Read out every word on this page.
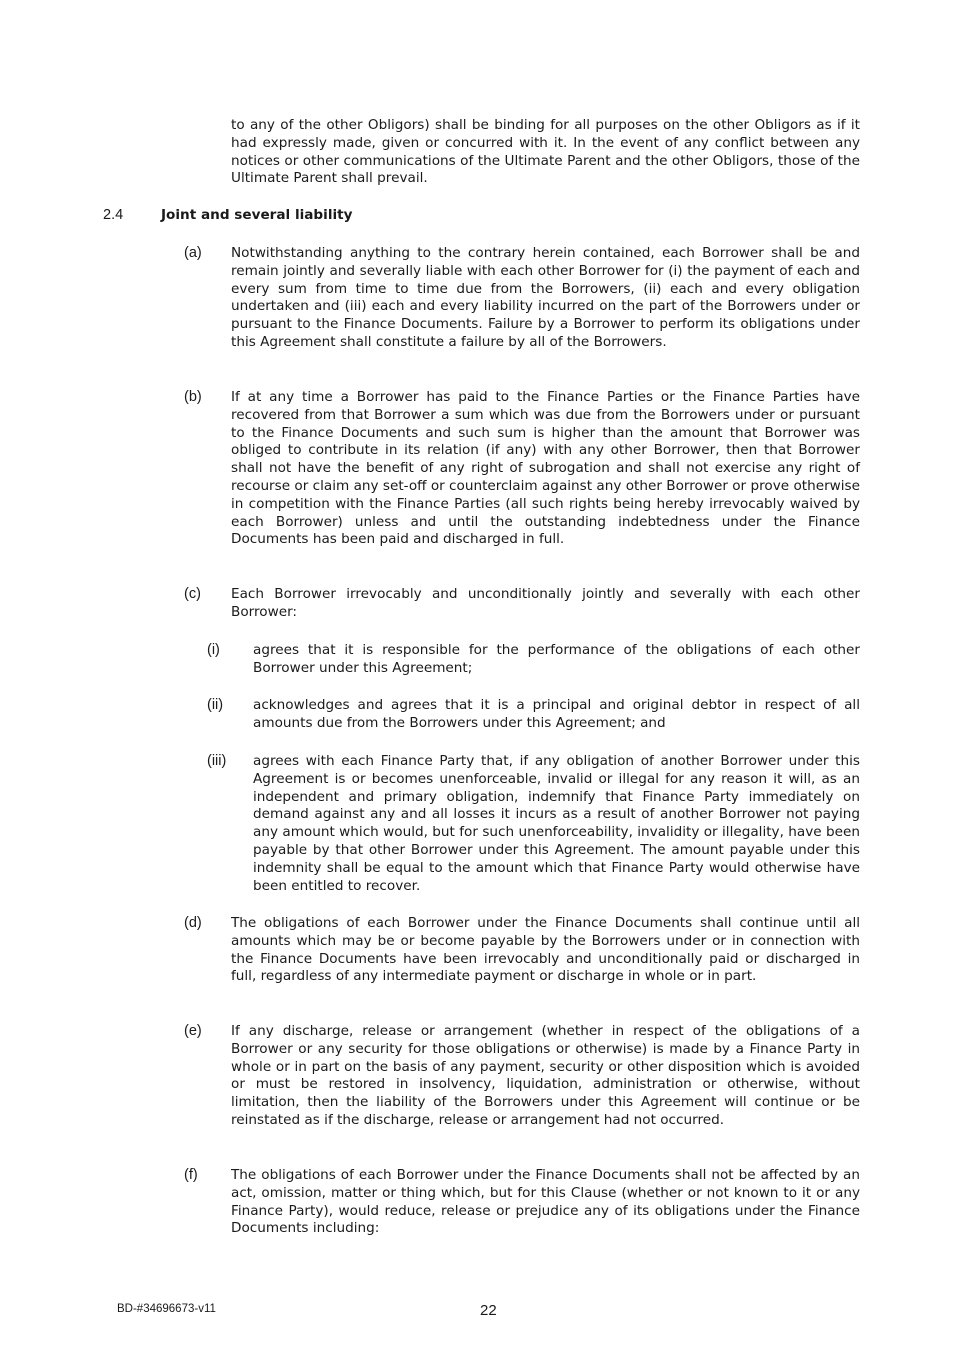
to any of the other Obligors) shall be binding for all purposes on the other Obligors as if it had expressly made, given or concurred with it. In the event of any conflict between any notices or other communications of the Ultimate Parent and the other Obligors, those of the Ultimate Parent shall prevail.
2.4	Joint and several liability
(a) Notwithstanding anything to the contrary herein contained, each Borrower shall be and remain jointly and severally liable with each other Borrower for (i) the payment of each and every sum from time to time due from the Borrowers, (ii) each and every obligation undertaken and (iii) each and every liability incurred on the part of the Borrowers under or pursuant to the Finance Documents. Failure by a Borrower to perform its obligations under this Agreement shall constitute a failure by all of the Borrowers.
(b) If at any time a Borrower has paid to the Finance Parties or the Finance Parties have recovered from that Borrower a sum which was due from the Borrowers under or pursuant to the Finance Documents and such sum is higher than the amount that Borrower was obliged to contribute in its relation (if any) with any other Borrower, then that Borrower shall not have the benefit of any right of subrogation and shall not exercise any right of recourse or claim any set-off or counterclaim against any other Borrower or prove otherwise in competition with the Finance Parties (all such rights being hereby irrevocably waived by each Borrower) unless and until the outstanding indebtedness under the Finance Documents has been paid and discharged in full.
(c) Each Borrower irrevocably and unconditionally jointly and severally with each other Borrower:
(i) agrees that it is responsible for the performance of the obligations of each other Borrower under this Agreement;
(ii) acknowledges and agrees that it is a principal and original debtor in respect of all amounts due from the Borrowers under this Agreement; and
(iii) agrees with each Finance Party that, if any obligation of another Borrower under this Agreement is or becomes unenforceable, invalid or illegal for any reason it will, as an independent and primary obligation, indemnify that Finance Party immediately on demand against any and all losses it incurs as a result of another Borrower not paying any amount which would, but for such unenforceability, invalidity or illegality, have been payable by that other Borrower under this Agreement. The amount payable under this indemnity shall be equal to the amount which that Finance Party would otherwise have been entitled to recover.
(d) The obligations of each Borrower under the Finance Documents shall continue until all amounts which may be or become payable by the Borrowers under or in connection with the Finance Documents have been irrevocably and unconditionally paid or discharged in full, regardless of any intermediate payment or discharge in whole or in part.
(e) If any discharge, release or arrangement (whether in respect of the obligations of a Borrower or any security for those obligations or otherwise) is made by a Finance Party in whole or in part on the basis of any payment, security or other disposition which is avoided or must be restored in insolvency, liquidation, administration or otherwise, without limitation, then the liability of the Borrowers under this Agreement will continue or be reinstated as if the discharge, release or arrangement had not occurred.
(f) The obligations of each Borrower under the Finance Documents shall not be affected by an act, omission, matter or thing which, but for this Clause (whether or not known to it or any Finance Party), would reduce, release or prejudice any of its obligations under the Finance Documents including:
BD-#34696673-v11	22
